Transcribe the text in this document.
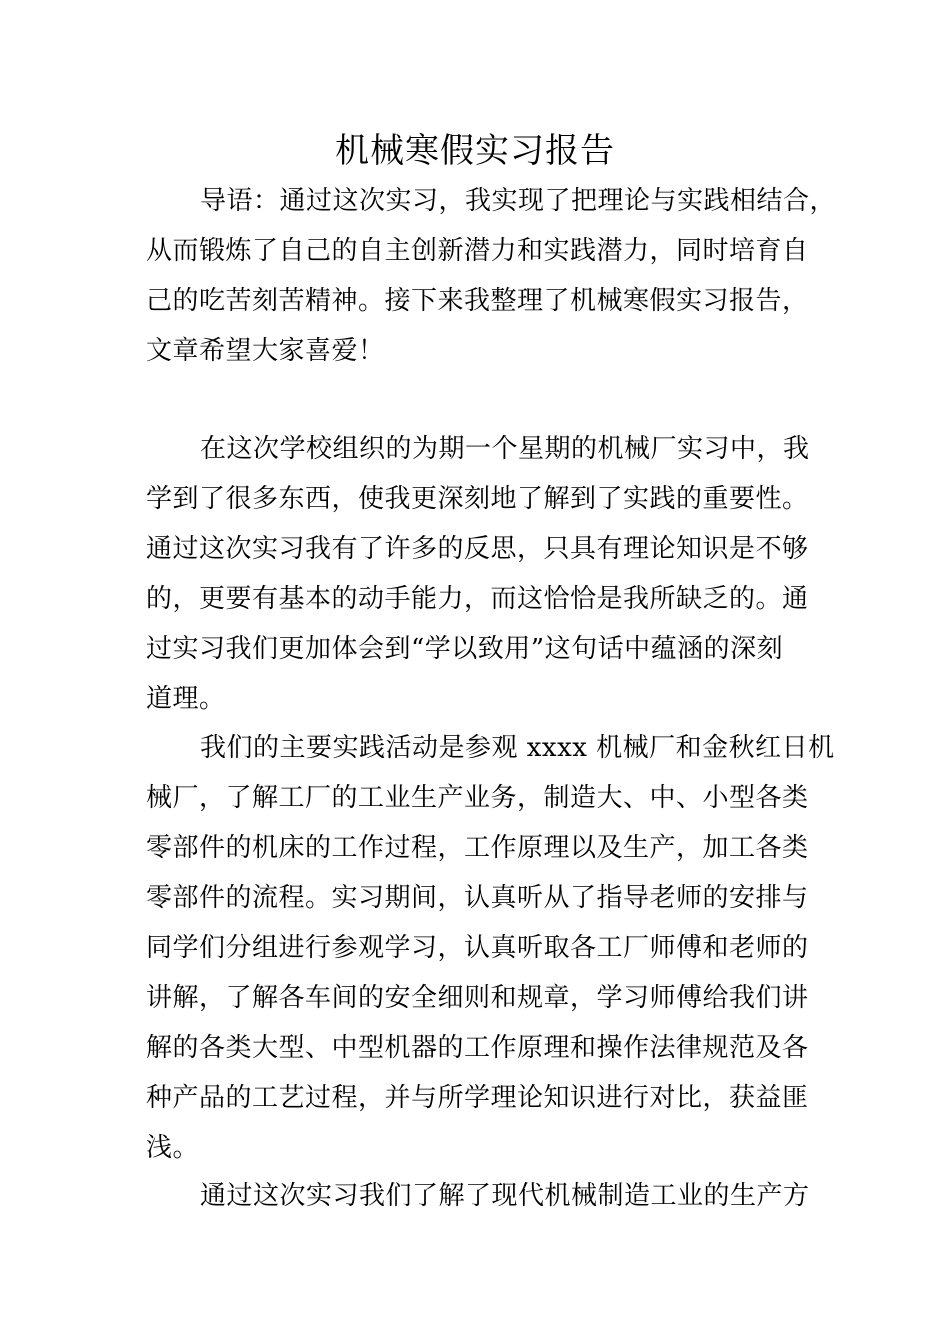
机械寒假实习报告
导语：通过这次实习，我实现了把理论与实践相结合，
从而锻炼了自己的自主创新潜力和实践潜力，同时培育自
己的吃苦刻苦精神。接下来我整理了机械寒假实习报告，
文章希望大家喜爱！
在这次学校组织的为期一个星期的机械厂实习中，我
学到了很多东西，使我更深刻地了解到了实践的重要性。
通过这次实习我有了许多的反思，只具有理论知识是不够
的，更要有基本的动手能力，而这恰恰是我所缺乏的。通
过实习我们更加体会到“学以致用”这句话中蕴涵的深刻
道理。
我们的主要实践活动是参观 xxxx 机械厂和金秋红日机
械厂，了解工厂的工业生产业务，制造大、中、小型各类
零部件的机床的工作过程，工作原理以及生产，加工各类
零部件的流程。实习期间，认真听从了指导老师的安排与
同学们分组进行参观学习，认真听取各工厂师傅和老师的
讲解，了解各车间的安全细则和规章，学习师傅给我们讲
解的各类大型、中型机器的工作原理和操作法律规范及各
种产品的工艺过程，并与所学理论知识进行对比，获益匪
浅。
通过这次实习我们了解了现代机械制造工业的生产方
